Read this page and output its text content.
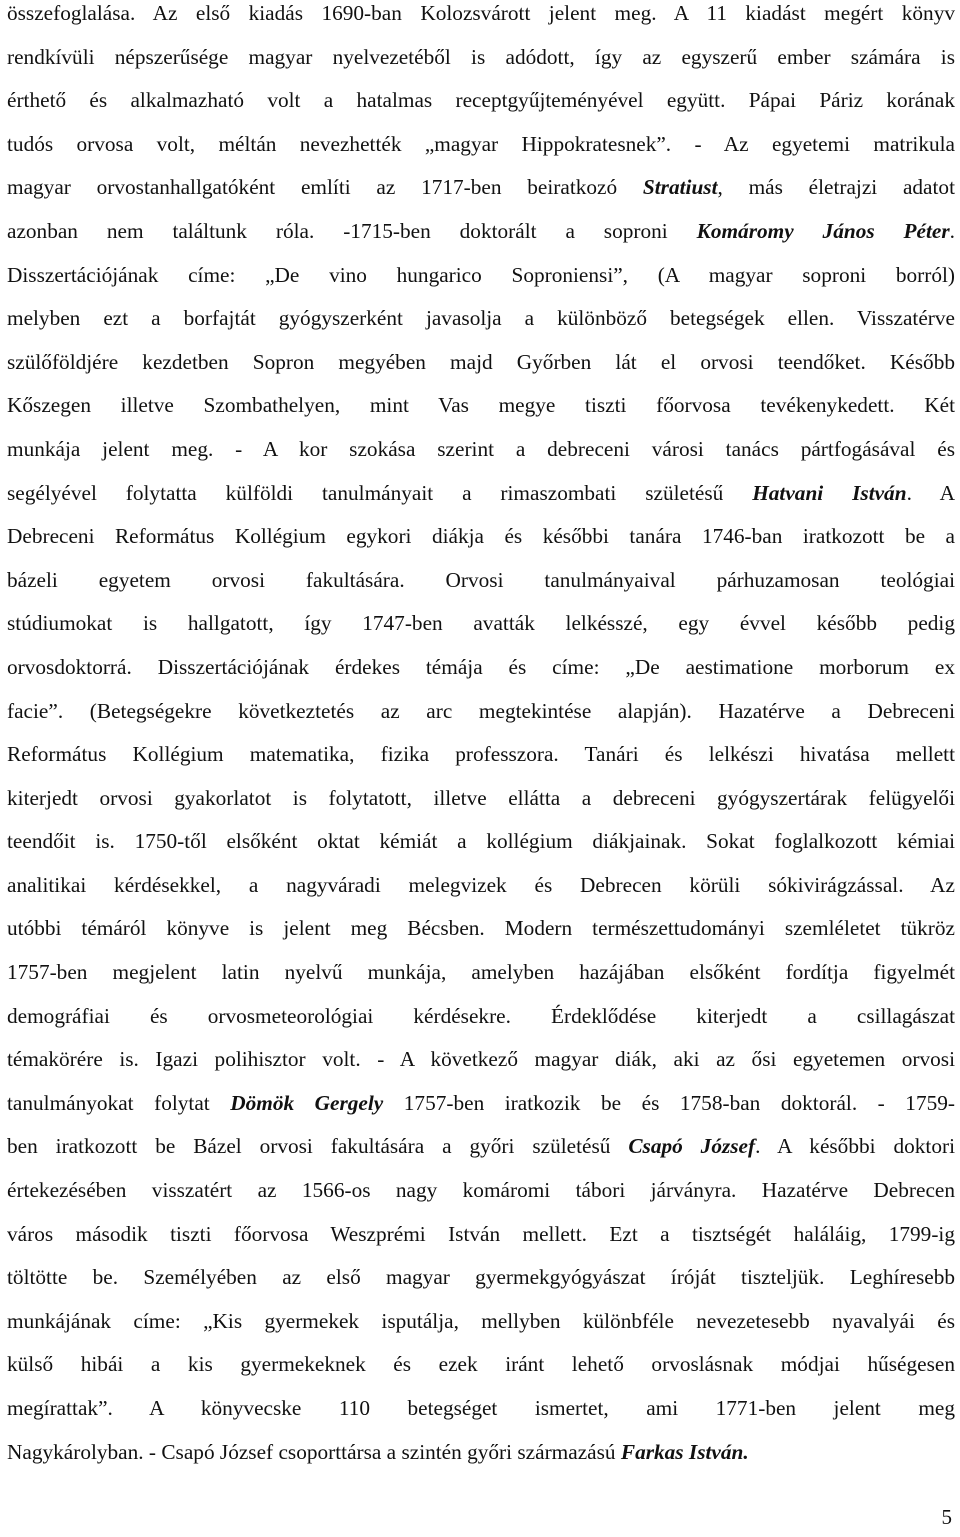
összefoglalása. Az első kiadás 1690-ban Kolozsvárott jelent meg. A 11 kiadást megért könyv
rendkívüli népszerűsége magyar nyelvezetéből is adódott, így az egyszerű ember számára is
érthető és alkalmazható volt a hatalmas receptgyűjteményével együtt. Pápai Páriz korának
tudós orvosa volt, méltán nevezhették „magyar Hippokratesnek”. - Az egyetemi matrikula
magyar orvostanhallgatóként említi az 1717-ben beiratkozó Stratiust, más életrajzi adatot
azonban nem találtunk róla. -1715-ben doktorált a soproni Komáromy János Péter.
Disszertációjának címe: „De vino hungarico Soproniensi”, (A magyar soproni borról)
melyben ezt a borfajtát gyógyszerként javasolja a különböző betegségek ellen. Visszatérve
szülőföldjére kezdetben Sopron megyében majd Győrben lát el orvosi teendőket. Később
Kőszegen illetve Szombathelyen, mint Vas megye tiszti főorvosa tevékenykedett. Két
munkája jelent meg. - A kor szokása szerint a debreceni városi tanács pártfogásával és
segélyével folytatta külföldi tanulmányait a rimaszombati születésű Hatvani István. A
Debreceni Református Kollégium egykori diákja és későbbi tanára 1746-ban iratkozott be a
bázeli egyetem orvosi fakultására. Orvosi tanulmányaival párhuzamosan teológiai
stúdiumokat is hallgatott, így 1747-ben avatták lelkésszé, egy évvel később pedig
orvosdoktorrá. Disszertációjának érdekes témája és címe: „De aestimatione morborum ex
facie”. (Betegségekre következtetés az arc megtekintése alapján). Hazatérve a Debreceni
Református Kollégium matematika, fizika professzora. Tanári és lelkészi hivatása mellett
kiterjedt orvosi gyakorlatot is folytatott, illetve ellátta a debreceni gyógyszertárak felügyelői
teendőit is. 1750-től elsőként oktat kémiát a kollégium diákjainak. Sokat foglalkozott kémiai
analitikai kérdésekkel, a nagyváradi melegvizek és Debrecen körüli sókivirágzással. Az
utóbbi témáról könyve is jelent meg Bécsben. Modern természettudományi szemléletet tükröz
1757-ben megjelent latin nyelvű munkája, amelyben hazájában elsőként fordítja figyelmét
demográfiai és orvosmeteorológiai kérdésekre. Érdeklődése kiterjedt a csillagászat
témakörére is. Igazi polihisztor volt. - A következő magyar diák, aki az ősi egyetemen orvosi
tanulmányokat folytat Dömök Gergely 1757-ben iratkozik be és 1758-ban doktorál. - 1759-
ben iratkozott be Bázel orvosi fakultására a győri születésű Csapó József. A későbbi doktori
értekezésében visszatért az 1566-os nagy komáromi tábori járványra. Hazatérve Debrecen
város második tiszti főorvosa Weszprémi István mellett. Ezt a tisztségét haláláig, 1799-ig
töltötte be. Személyében az első magyar gyermekgyógyászat íróját tiszteljük. Leghíresebb
munkájának címe: „Kis gyermekek isputálja, mellyben különbféle nevezetesebb nyavalyái és
külső hibái a kis gyermekeknek és ezek iránt lehető orvoslásnak módjai hűségesen
megírattak”. A könyvecske 110 betegséget ismertet, ami 1771-ben jelent meg
Nagykárolyban. - Csapó József csoporttársa a szintén győri származású Farkas István.
5
